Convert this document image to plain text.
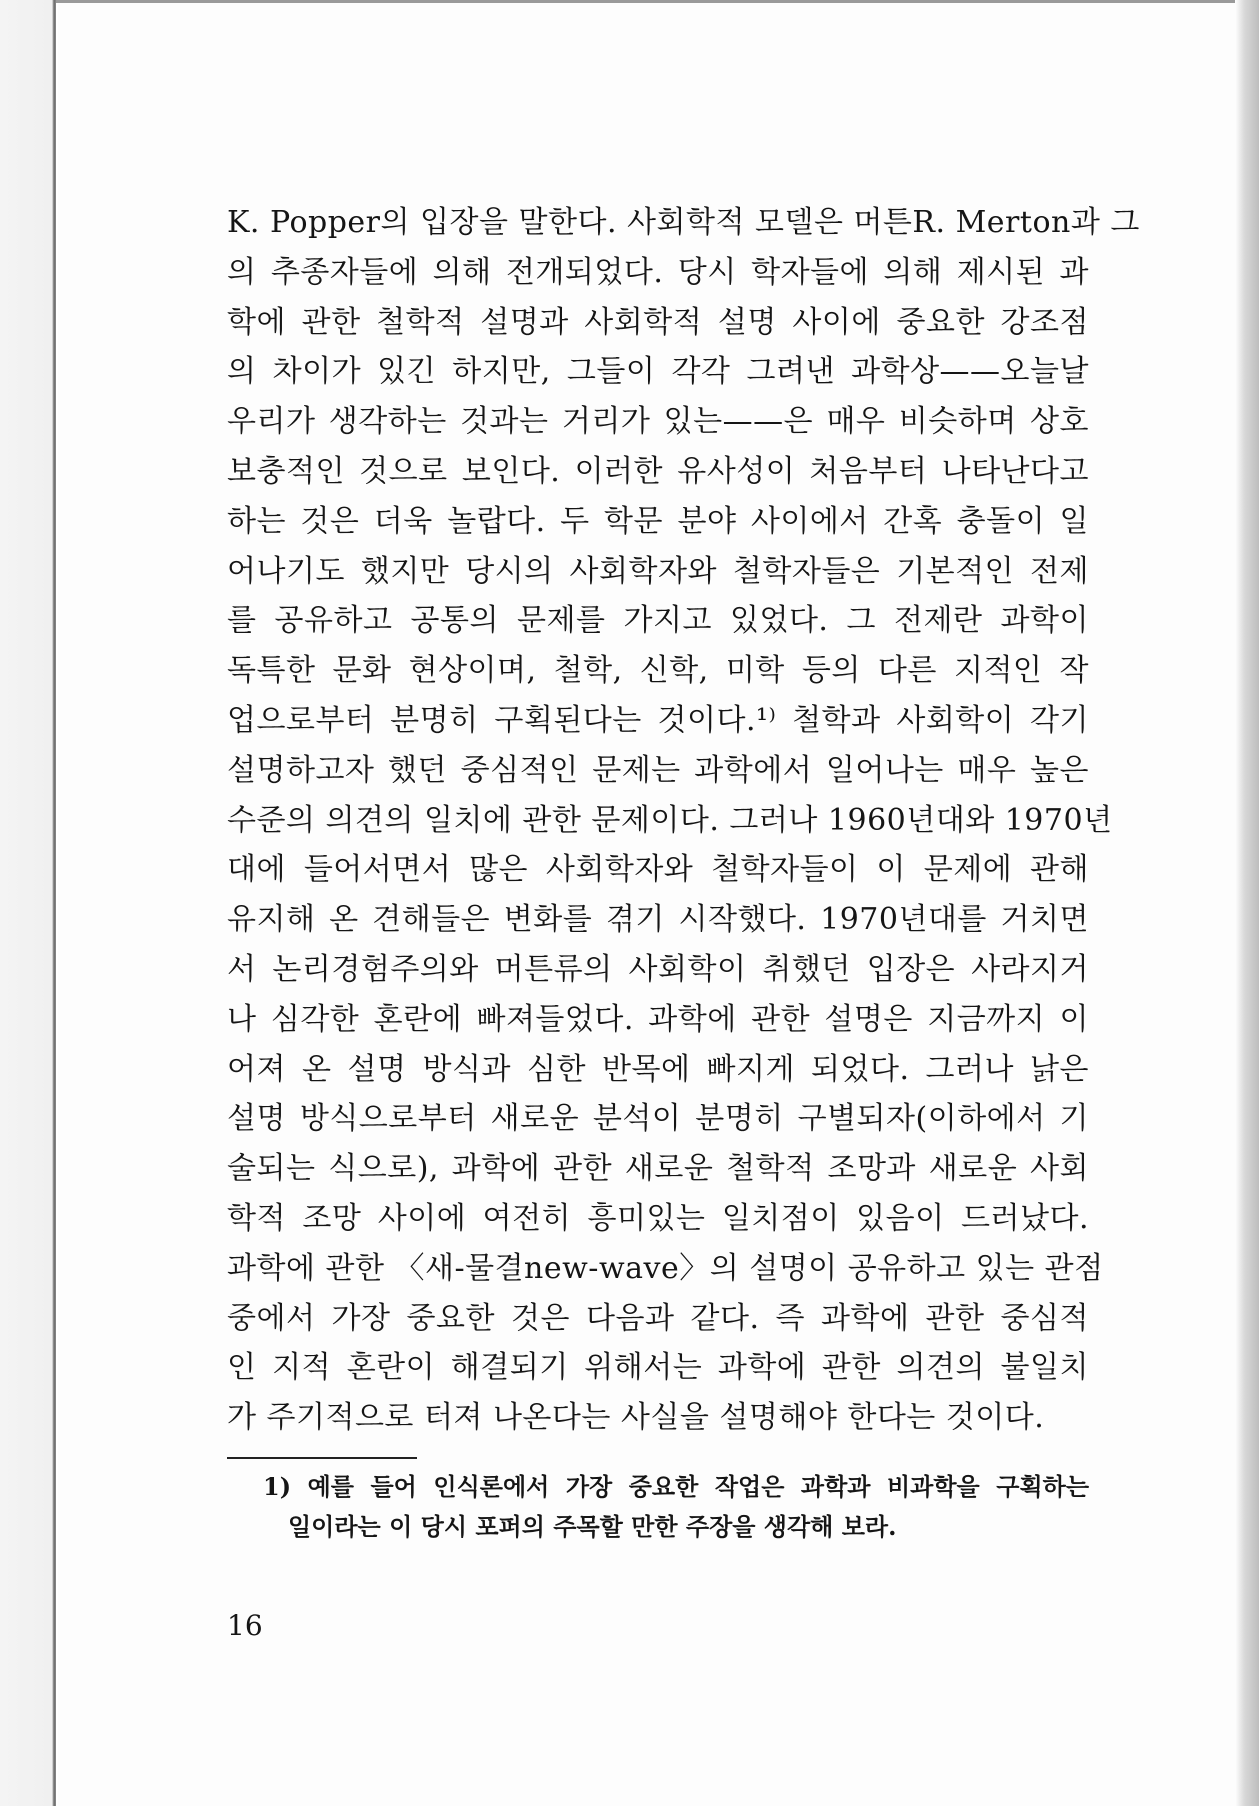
K. Popper의 입장을 말한다. 사회학적 모델은 머튼R. Merton과 그
의 추종자들에 의해 전개되었다. 당시 학자들에 의해 제시된 과
학에 관한 철학적 설명과 사회학적 설명 사이에 중요한 강조점
의 차이가 있긴 하지만, 그들이 각각 그려낸 과학상——오늘날
우리가 생각하는 것과는 거리가 있는——은 매우 비슷하며 상호
보충적인 것으로 보인다. 이러한 유사성이 처음부터 나타난다고
하는 것은 더욱 놀랍다. 두 학문 분야 사이에서 간혹 충돌이 일
어나기도 했지만 당시의 사회학자와 철학자들은 기본적인 전제
를 공유하고 공통의 문제를 가지고 있었다. 그 전제란 과학이
독특한 문화 현상이며, 철학, 신학, 미학 등의 다른 지적인 작
업으로부터 분명히 구획된다는 것이다.¹⁾ 철학과 사회학이 각기
설명하고자 했던 중심적인 문제는 과학에서 일어나는 매우 높은
수준의 의견의 일치에 관한 문제이다. 그러나 1960년대와 1970년
대에 들어서면서 많은 사회학자와 철학자들이 이 문제에 관해
유지해 온 견해들은 변화를 겪기 시작했다. 1970년대를 거치면
서 논리경험주의와 머튼류의 사회학이 취했던 입장은 사라지거
나 심각한 혼란에 빠져들었다. 과학에 관한 설명은 지금까지 이
어져 온 설명 방식과 심한 반목에 빠지게 되었다. 그러나 낡은
설명 방식으로부터 새로운 분석이 분명히 구별되자(이하에서 기
술되는 식으로), 과학에 관한 새로운 철학적 조망과 새로운 사회
학적 조망 사이에 여전히 흥미있는 일치점이 있음이 드러났다.
과학에 관한 〈새-물결new-wave〉의 설명이 공유하고 있는 관점
중에서 가장 중요한 것은 다음과 같다. 즉 과학에 관한 중심적
인 지적 혼란이 해결되기 위해서는 과학에 관한 의견의 불일치
가 주기적으로 터져 나온다는 사실을 설명해야 한다는 것이다.
1) 예를 들어 인식론에서 가장 중요한 작업은 과학과 비과학을 구획하는
일이라는 이 당시 포퍼의 주목할 만한 주장을 생각해 보라.
16
